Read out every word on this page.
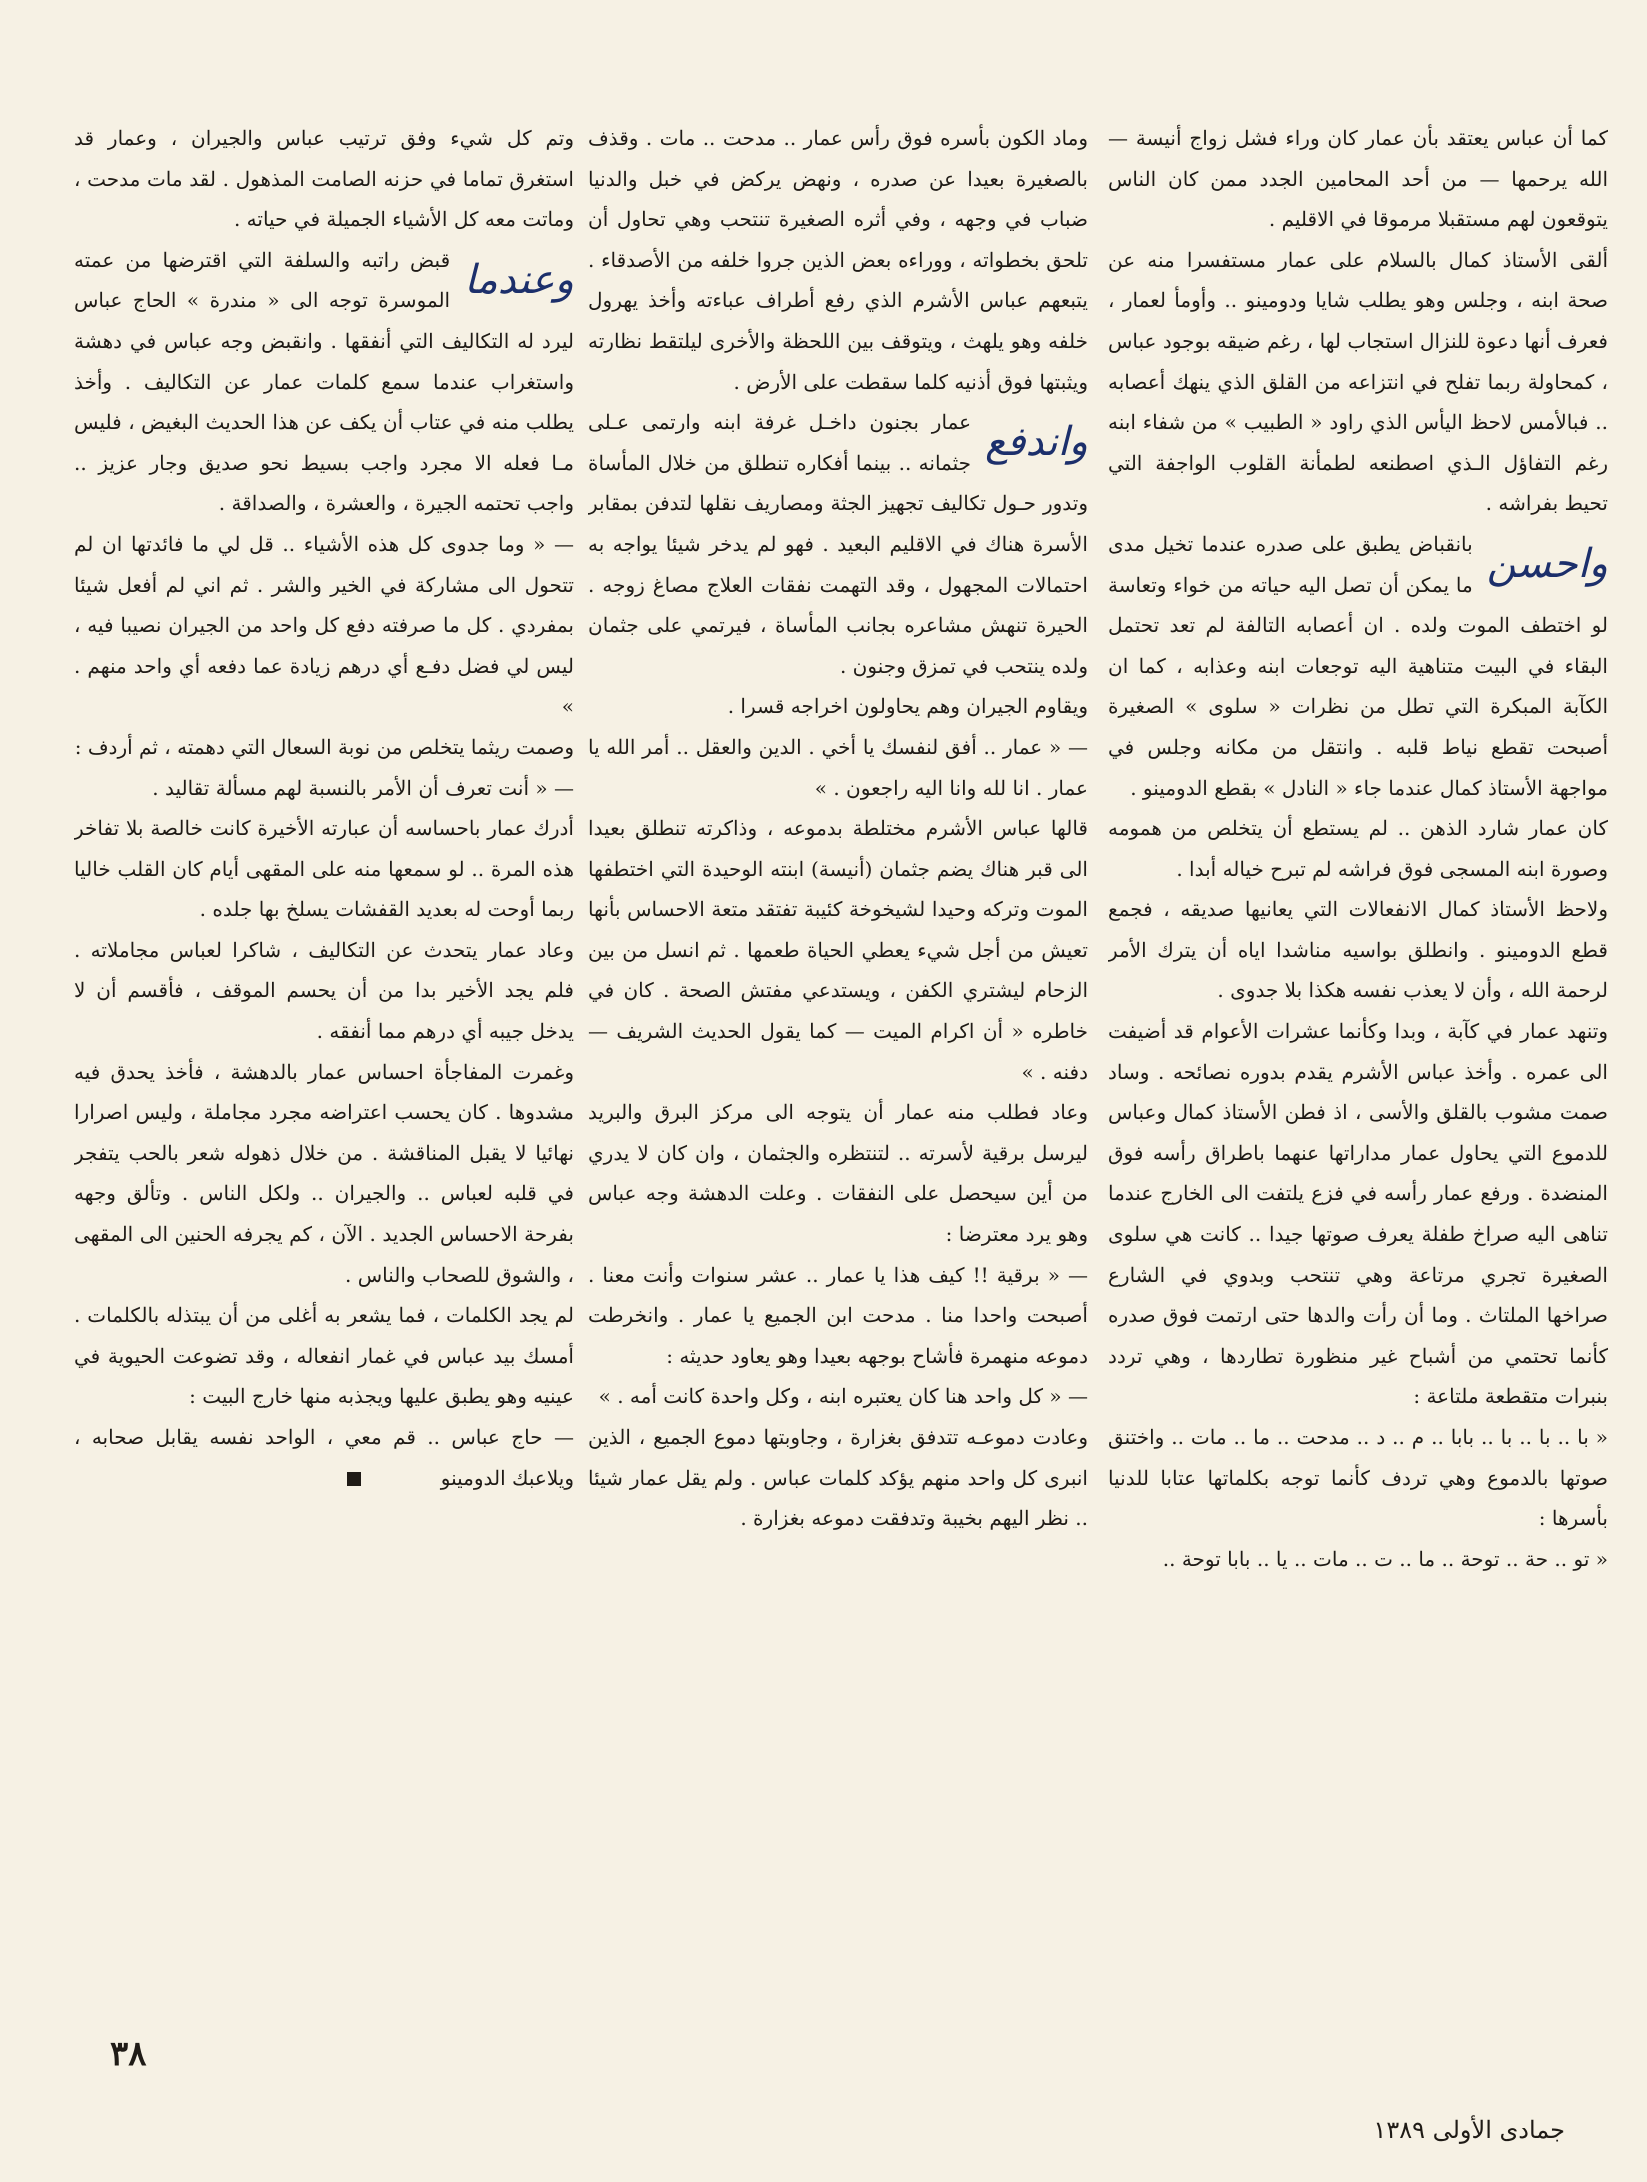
كما أن عباس يعتقد بأن عمار كان وراء فشل زواج أنيسة — الله يرحمها — من أحد المحامين الجدد ممن كان الناس يتوقعون لهم مستقبلا مرموقا في الاقليم .

ألقى الأستاذ كمال بالسلام على عمار مستفسرا منه عن صحة ابنه ، وجلس وهو يطلب شايا ودومينو .. وأومأ لعمار ، فعرف أنها دعوة للنزال استجاب لها ، رغم ضيقه بوجود عباس ، كمحاولة ربما تفلح في انتزاعه من القلق الذي ينهك أعصابه .. فبالأمس لاحظ اليأس الذي راود « الطبيب » من شفاء ابنه رغم التفاؤل الـذي اصطنعه لطمأنة القلوب الواجفة التي تحيط بفراشه .

واحسن
بانقباض يطبق على صدره عندما تخيل مدى ما يمكن أن تصل اليه حياته من خواء وتعاسة لو اختطف الموت ولده . ان أعصابه التالفة لم تعد تحتمل البقاء في البيت متناهية اليه توجعات ابنه وعذابه ، كما ان الكآبة المبكرة التي تطل من نظرات « سلوى » الصغيرة أصبحت تقطع نياط قلبه . وانتقل من مكانه وجلس في مواجهة الأستاذ كمال عندما جاء « النادل » بقطع الدومينو .

كان عمار شارد الذهن .. لم يستطع أن يتخلص من همومه وصورة ابنه المسجى فوق فراشه لم تبرح خياله أبدا .

ولاحظ الأستاذ كمال الانفعالات التي يعانيها صديقه ، فجمع قطع الدومينو . وانطلق بواسيه مناشدا اياه أن يترك الأمر لرحمة الله ، وأن لا يعذب نفسه هكذا بلا جدوى .

وتنهد عمار في كآبة ، وبدا وكأنما عشرات الأعوام قد أضيفت الى عمره . وأخذ عباس الأشرم يقدم بدوره نصائحه . وساد صمت مشوب بالقلق والأسى ، اذ فطن الأستاذ كمال وعباس للدموع التي يحاول عمار مداراتها عنهما باطراق رأسه فوق المنضدة . ورفع عمار رأسه في فزع يلتفت الى الخارج عندما تناهى اليه صراخ طفلة يعرف صوتها جيدا .. كانت هي سلوى الصغيرة تجري مرتاعة وهي تنتحب وبدوي في الشارع صراخها الملتاث . وما أن رأت والدها حتى ارتمت فوق صدره كأنما تحتمي من أشباح غير منظورة تطاردها ، وهي تردد بنبرات متقطعة ملتاعة :

« با .. با .. با .. بابا .. م .. د .. مدحت .. ما .. مات .. واختنق صوتها بالدموع وهي تردف كأنما توجه بكلماتها عتابا للدنيا بأسرها :

« تو .. حة .. توحة .. ما .. ت .. مات .. يا .. بابا توحة ..

وماد الكون بأسره فوق رأس عمار .. مدحت .. مات . وقذف بالصغيرة بعيدا عن صدره ، ونهض يركض في خبل والدنيا ضباب في وجهه ، وفي أثره الصغيرة تنتحب وهي تحاول أن تلحق بخطواته ، ووراءه بعض الذين جروا خلفه من الأصدقاء . يتبعهم عباس الأشرم الذي رفع أطراف عباءته وأخذ يهرول خلفه وهو يلهث ، ويتوقف بين اللحظة والأخرى ليلتقط نظارته ويثبتها فوق أذنيه كلما سقطت على الأرض .

واندفع
عمار بجنون داخـل غرفة ابنه وارتمى عـلى جثمانه .. بينما أفكاره تنطلق من خلال المأساة وتدور حـول تكاليف تجهيز الجثة ومصاريف نقلها لتدفن بمقابر الأسرة هناك في الاقليم البعيد . فهو لم يدخر شيئا يواجه به احتمالات المجهول ، وقد التهمت نفقات العلاج مصاغ زوجه . الحيرة تنهش مشاعره بجانب المأساة ، فيرتمي على جثمان ولده ينتحب في تمزق وجنون .

ويقاوم الجيران وهم يحاولون اخراجه قسرا .

— « عمار .. أفق لنفسك يا أخي . الدين والعقل .. أمر الله يا عمار . انا لله وانا اليه راجعون . »

قالها عباس الأشرم مختلطة بدموعه ، وذاكرته تنطلق بعيدا الى قبر هناك يضم جثمان (أنيسة) ابنته الوحيدة التي اختطفها الموت وتركه وحيدا لشيخوخة كئيبة تفتقد متعة الاحساس بأنها تعيش من أجل شيء يعطي الحياة طعمها . ثم انسل من بين الزحام ليشتري الكفن ، ويستدعي مفتش الصحة . كان في خاطره « أن اكرام الميت — كما يقول الحديث الشريف — دفنه . »

وعاد فطلب منه عمار أن يتوجه الى مركز البرق والبريد ليرسل برقية لأسرته .. لتنتظره والجثمان ، وان كان لا يدري من أين سيحصل على النفقات . وعلت الدهشة وجه عباس وهو يرد معترضا :

— « برقية !! كيف هذا يا عمار .. عشر سنوات وأنت معنا . أصبحت واحدا منا . مدحت ابن الجميع يا عمار . وانخرطت دموعه منهمرة فأشاح بوجهه بعيدا وهو يعاود حديثه :

— « كل واحد هنا كان يعتبره ابنه ، وكل واحدة كانت أمه . »

وعادت دموعـه تتدفق بغزارة ، وجاوبتها دموع الجميع ، الذين انبرى كل واحد منهم يؤكد كلمات عباس . ولم يقل عمار شيئا .. نظر اليهم بخيبة وتدفقت دموعه بغزارة .

وتم كل شيء وفق ترتيب عباس والجيران ، وعمار قد استغرق تماما في حزنه الصامت المذهول . لقد مات مدحت ، وماتت معه كل الأشياء الجميلة في حياته .

وعندما
قبض راتبه والسلفة التي اقترضها من عمته الموسرة توجه الى « مندرة » الحاج عباس ليرد له التكاليف التي أنفقها . وانقبض وجه عباس في دهشة واستغراب عندما سمع كلمات عمار عن التكاليف . وأخذ يطلب منه في عتاب أن يكف عن هذا الحديث البغيض ، فليس مـا فعله الا مجرد واجب بسيط نحو صديق وجار عزيز .. واجب تحتمه الجيرة ، والعشرة ، والصداقة .

— « وما جدوى كل هذه الأشياء .. قل لي ما فائدتها ان لم تتحول الى مشاركة في الخير والشر . ثم اني لم أفعل شيئا بمفردي . كل ما صرفته دفع كل واحد من الجيران نصيبا فيه ، ليس لي فضل دفـع أي درهم زيادة عما دفعه أي واحد منهم . »

وصمت ريثما يتخلص من نوبة السعال التي دهمته ، ثم أردف :

— « أنت تعرف أن الأمر بالنسبة لهم مسألة تقاليد .

أدرك عمار باحساسه أن عبارته الأخيرة كانت خالصة بلا تفاخر هذه المرة .. لو سمعها منه على المقهى أيام كان القلب خاليا ربما أوحت له بعديد القفشات يسلخ بها جلده .

وعاد عمار يتحدث عن التكاليف ، شاكرا لعباس مجاملاته . فلم يجد الأخير بدا من أن يحسم الموقف ، فأقسم أن لا يدخل جيبه أي درهم مما أنفقه .

وغمرت المفاجأة احساس عمار بالدهشة ، فأخذ يحدق فيه مشدوها . كان يحسب اعتراضه مجرد مجاملة ، وليس اصرارا نهائيا لا يقبل المناقشة . من خلال ذهوله شعر بالحب يتفجر في قلبه لعباس .. والجيران .. ولكل الناس . وتألق وجهه بفرحة الاحساس الجديد . الآن ، كم يجرفه الحنين الى المقهى ، والشوق للصحاب والناس .

لم يجد الكلمات ، فما يشعر به أغلى من أن يبتذله بالكلمات . أمسك بيد عباس في غمار انفعاله ، وقد تضوعت الحيوية في عينيه وهو يطبق عليها ويجذبه منها خارج البيت :

— حاج عباس .. قم معي ، الواحد نفسه يقابل صحابه ، ويلاعبك الدومينو

٣٨
جمادى الأولى ١٣٨٩
